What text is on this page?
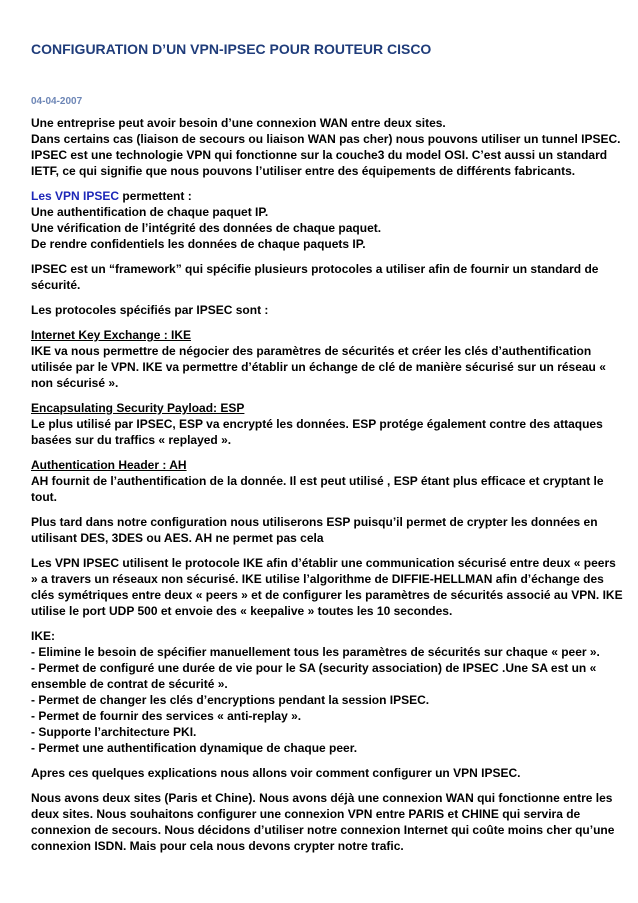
CONFIGURATION D’UN VPN-IPSEC POUR ROUTEUR CISCO
04-04-2007
Une entreprise peut avoir besoin d’une connexion WAN entre deux sites.
Dans certains cas (liaison de secours ou liaison WAN pas cher) nous pouvons utiliser un tunnel IPSEC.
IPSEC est une technologie VPN qui fonctionne sur la couche3 du model OSI. C’est aussi un standard
IETF, ce qui signifie que nous pouvons l’utiliser entre des équipements de différents fabricants.
Les VPN IPSEC permettent :
Une authentification de chaque paquet IP.
Une vérification de l’intégrité des données de chaque paquet.
De rendre confidentiels les données de chaque paquets IP.
IPSEC est un “framework” qui spécifie plusieurs protocoles a utiliser afin de fournir un standard de
sécurité.
Les protocoles spécifiés par IPSEC sont :
Internet Key Exchange : IKE
IKE va nous permettre de négocier des paramètres de sécurités et créer les clés d’authentification
utilisée par le VPN. IKE va permettre d’établir un échange de clé de manière sécurisé sur un réseau «
non sécurisé ».
Encapsulating Security Payload: ESP
Le plus utilisé par IPSEC, ESP va encrypté les données. ESP protége également contre des attaques
basées sur du traffics « replayed ».
Authentication Header : AH
AH fournit de l’authentification de la donnée. Il est peut utilisé , ESP étant plus efficace et cryptant le
tout.
Plus tard dans notre configuration nous utiliserons ESP puisqu’il permet de crypter les données en
utilisant DES, 3DES ou AES. AH ne permet pas cela
Les VPN IPSEC utilisent le protocole IKE afin d’établir une communication sécurisé entre deux « peers
» a travers un réseaux non sécurisé. IKE utilise l’algorithme de DIFFIE-HELLMAN afin d’échange des
clés symétriques entre deux « peers » et de configurer les paramètres de sécurités associé au VPN. IKE
utilise le port UDP 500 et envoie des « keepalive » toutes les 10 secondes.
IKE:
- Elimine le besoin de spécifier manuellement tous les paramètres de sécurités sur chaque « peer ».
- Permet de configuré une durée de vie pour le SA (security association) de IPSEC .Une SA est un «
ensemble de contrat de sécurité ».
- Permet de changer les clés d’encryptions pendant la session IPSEC.
- Permet de fournir des services « anti-replay ».
- Supporte l’architecture PKI.
- Permet une authentification dynamique de chaque peer.
Apres ces quelques explications nous allons voir comment configurer un VPN IPSEC.
Nous avons deux sites (Paris et Chine). Nous avons déjà une connexion WAN qui fonctionne entre les
deux sites. Nous souhaitons configurer une connexion VPN entre PARIS et CHINE qui servira de
connexion de secours. Nous décidons d’utiliser notre connexion Internet qui coûte moins cher qu’une
connexion ISDN. Mais pour cela nous devons crypter notre trafic.
